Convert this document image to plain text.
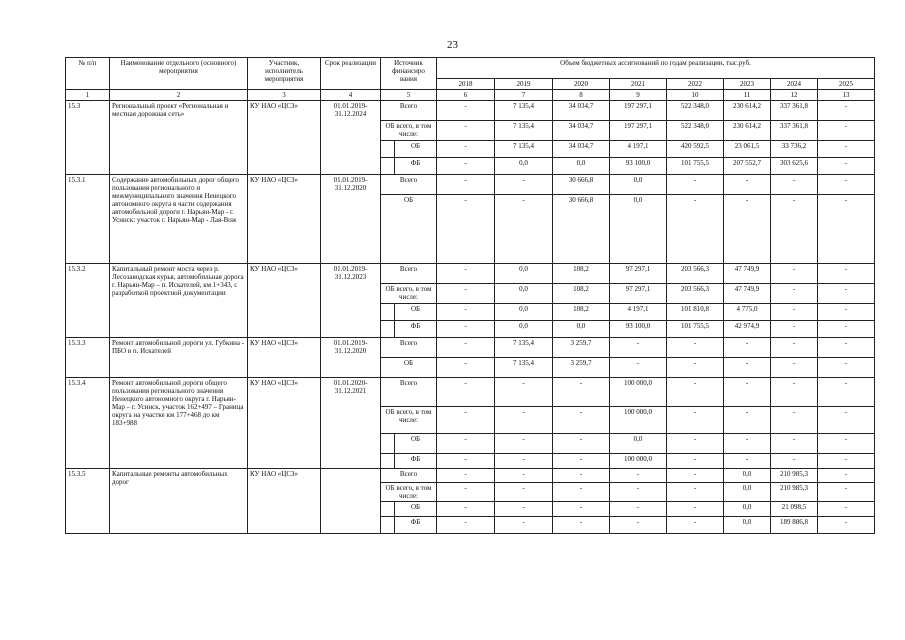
23
№ п/п	Наименование отдельного (основного) мероприятия	Участник, исполнитель мероприятия	Срок реализации	Источник финансиро вания		Объем бюджетных ассигнований по годам реализации, тыс.руб.							
						2018	2019	2020	2021	2022	2023	2024	2025
1	2	3	4	5		6	7	8	9	10	11	12	13
15.3	Региональный проект «Региональная и местная дорожная сеть»	КУ НАО «ЦСЗ»	01.01.2019-31.12.2024	Всего		-	7 135,4	34 034,7	197 297,1	522 348,0	230 614,2	337 361,8	-
				ОБ всего, в том числе:		-	7 135,4	34 034,7	197 297,1	522 348,0	230 614,2	337 361,8	-
					ОБ	-	7 135,4	34 034,7	4 197,1	420 592,5	23 061,5	33 736,2	-
					ФБ	-	0,0	0,0	93 100,0	101 755,5	207 552,7	303 625,6	-
15.3.1	Содержание автомобильных дорог общего пользования регионального и межмуниципального значения Ненецкого автономного округа в части содержания автомобильной дороги г. Нарьян-Мар - г. Усинск: участок г. Нарьян-Мар - Лая-Вож	КУ НАО «ЦСЗ»	01.01.2019-31.12.2020	Всего		-	-	30 666,8	0,0	-	-	-	-
				ОБ		-	-	30 666,8	0,0	-	-	-	-
15.3.2	Капитальный ремонт моста через р. Лесозаводская курья, автомобильная дорога г. Нарьян-Мар – п. Искателей, км 1+343, с разработкой проектной документации	КУ НАО «ЦСЗ»	01.01.2019-31.12.2023	Всего		-	0,0	108,2	97 297,1	203 566,3	47 749,9	-	-
				ОБ всего, в том числе:		-	0,0	108,2	97 297,1	203 566,3	47 749,9	-	-
					ОБ	-	0,0	108,2	4 197,1	101 810,8	4 775,0	-	-
					ФБ	-	0,0	0,0	93 100,0	101 755,5	42 974,9	-	-
15.3.3	Ремонт автомобильной дороги ул. Губкина - ПБО в п. Искателей	КУ НАО «ЦСЗ»	01.01.2019-31.12.2020	Всего		-	7 135,4	3 259,7	-	-	-	-	-
				ОБ		-	7 135,4	3 259,7	-	-	-	-	-
15.3.4	Ремонт автомобильной дороги общего пользования регионального значения Ненецкого автономного округа г. Нарьян-Мар – г. Усинск, участок 162+497 – Граница округа на участке км 177+468 до км 183+988	КУ НАО «ЦСЗ»	01.01.2020-31.12.2021	Всего		-	-	-	100 000,0	-	-	-	-
				ОБ всего, в том числе:		-	-	-	100 000,0	-	-	-	-
					ОБ	-	-	-	0,0	-	-	-	-
					ФБ	-	-	-	100 000,0	-	-	-	-
15.3.5	Капитальные ремонты автомобильных дорог	КУ НАО «ЦСЗ»		Всего		-	-	-	-	-	0,0	210 985,3	-
				ОБ всего, в том числе:		-	-	-	-	-	0,0	210 985,3	-
					ОБ	-	-	-	-	-	0,0	21 098,5	-
					ФБ	-	-	-	-	-	0,0	189 886,8	-
